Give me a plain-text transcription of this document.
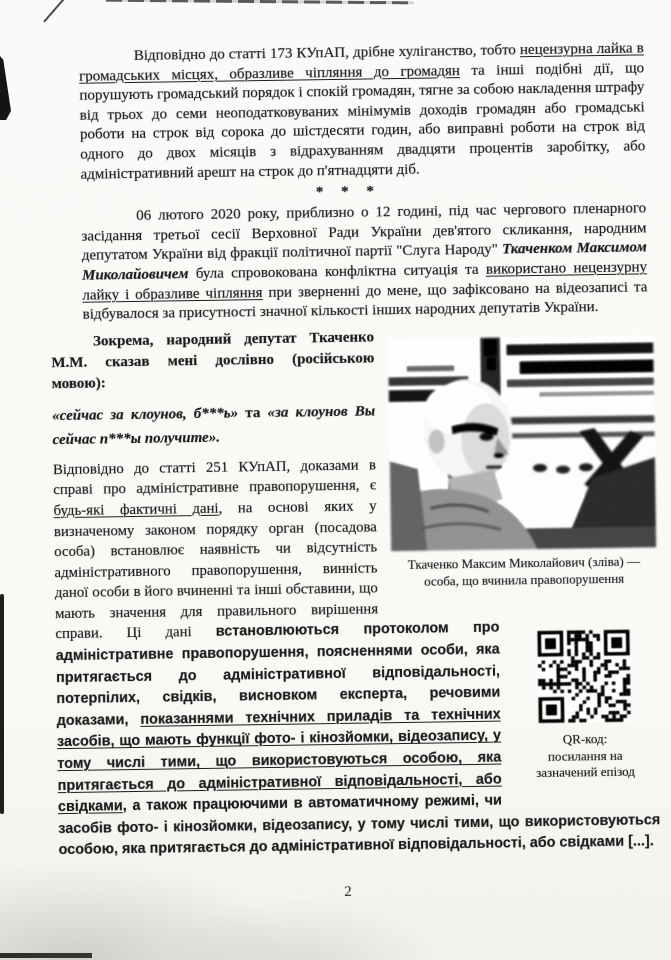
Відповідно до статті 173 КУпАП, дрібне хуліганство, тобто нецензурна лайка в громадських місцях, образливе чіпляння до громадян та інші подібні дії, що порушують громадський порядок і спокій громадян, тягне за собою накладення штрафу від трьох до семи неоподатковуваних мінімумів доходів громадян або громадські роботи на строк від сорока до шістдесяти годин, або виправні роботи на строк від одного до двох місяців з відрахуванням двадцяти процентів заробітку, або адміністративний арешт на строк до п'ятнадцяти діб.

* * *

06 лютого 2020 року, приблизно о 12 годині, під час чергового пленарного засідання третьої сесії Верховної Ради України дев'ятого скликання, народним депутатом України від фракції політичної партії "Слуга Народу" Ткаченком Максимом Миколайовичем була спровокована конфліктна ситуація та використано нецензурну лайку і образливе чіпляння при зверненні до мене, що зафіксовано на відеозаписі та відбувалося за присутності значної кількості інших народних депутатів України.

Ткаченко Максим Миколайович (зліва) — особа, що вчинила правопорушення

Зокрема, народний депутат Ткаченко М.М. сказав мені дослівно (російською мовою):

«сейчас за клоунов, б***ь» та «за клоунов Вы сейчас п***ы получите».

Відповідно до статті 251 КУпАП, доказами в справі про адміністративне правопорушення, є будь-які фактичні дані, на основі яких у визначеному законом порядку орган (посадова особа) встановлює наявність чи відсутність адміністративного правопорушення, винність даної особи в його вчиненні та інші обставини, що мають значення для правильного вирішення справи. Ці дані
QR-код: посилання на зазначений епізод
встановлюються протоколом про адміністративне правопорушення, поясненнями особи, яка притягається до адміністративної відповідальності, потерпілих, свідків, висновком експерта, речовими доказами, показаннями технічних приладів та технічних засобів, що мають функції фото- і кінозйомки, відеозапису, у тому числі тими, що використовуються особою, яка притягається до адміністративної відповідальності, або свідками, а також працюючими в автоматичному режимі, чи засобів фото- і кінозйомки, відеозапису, у тому числі тими, що використовуються особою, яка притягається до адміністративної відповідальності, або свідками [...].

2
